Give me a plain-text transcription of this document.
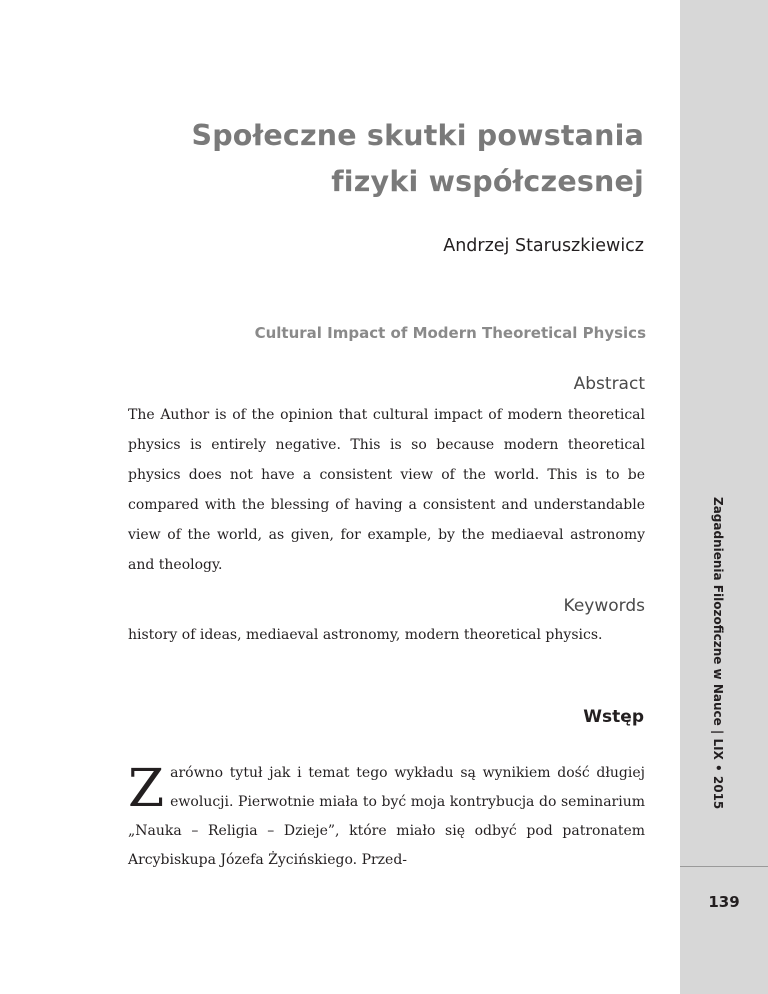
Społeczne skutki powstania
fizyki współczesnej
Andrzej Staruszkiewicz
Cultural Impact of Modern Theoretical Physics
Abstract

The Author is of the opinion that cultural impact of modern theoretical physics is entirely negative. This is so because modern theoretical physics does not have a consistent view of the world. This is to be compared with the blessing of having a consistent and understandable view of the world, as given, for example, by the mediaeval astronomy and theology.

Keywords

history of ideas, mediaeval astronomy, modern theoretical physics.

Wstęp

Zarówno tytuł jak i temat tego wykładu są wynikiem dość długiej ewolucji. Pierwotnie miała to być moja kontrybucja do seminarium „Nauka – Religia – Dzieje”, które miało się odbyć pod patronatem Arcybiskupa Józefa Życińskiego. Przed-

Zagadnienia Filozoficzne w Nauce | LIX • 2015
139
